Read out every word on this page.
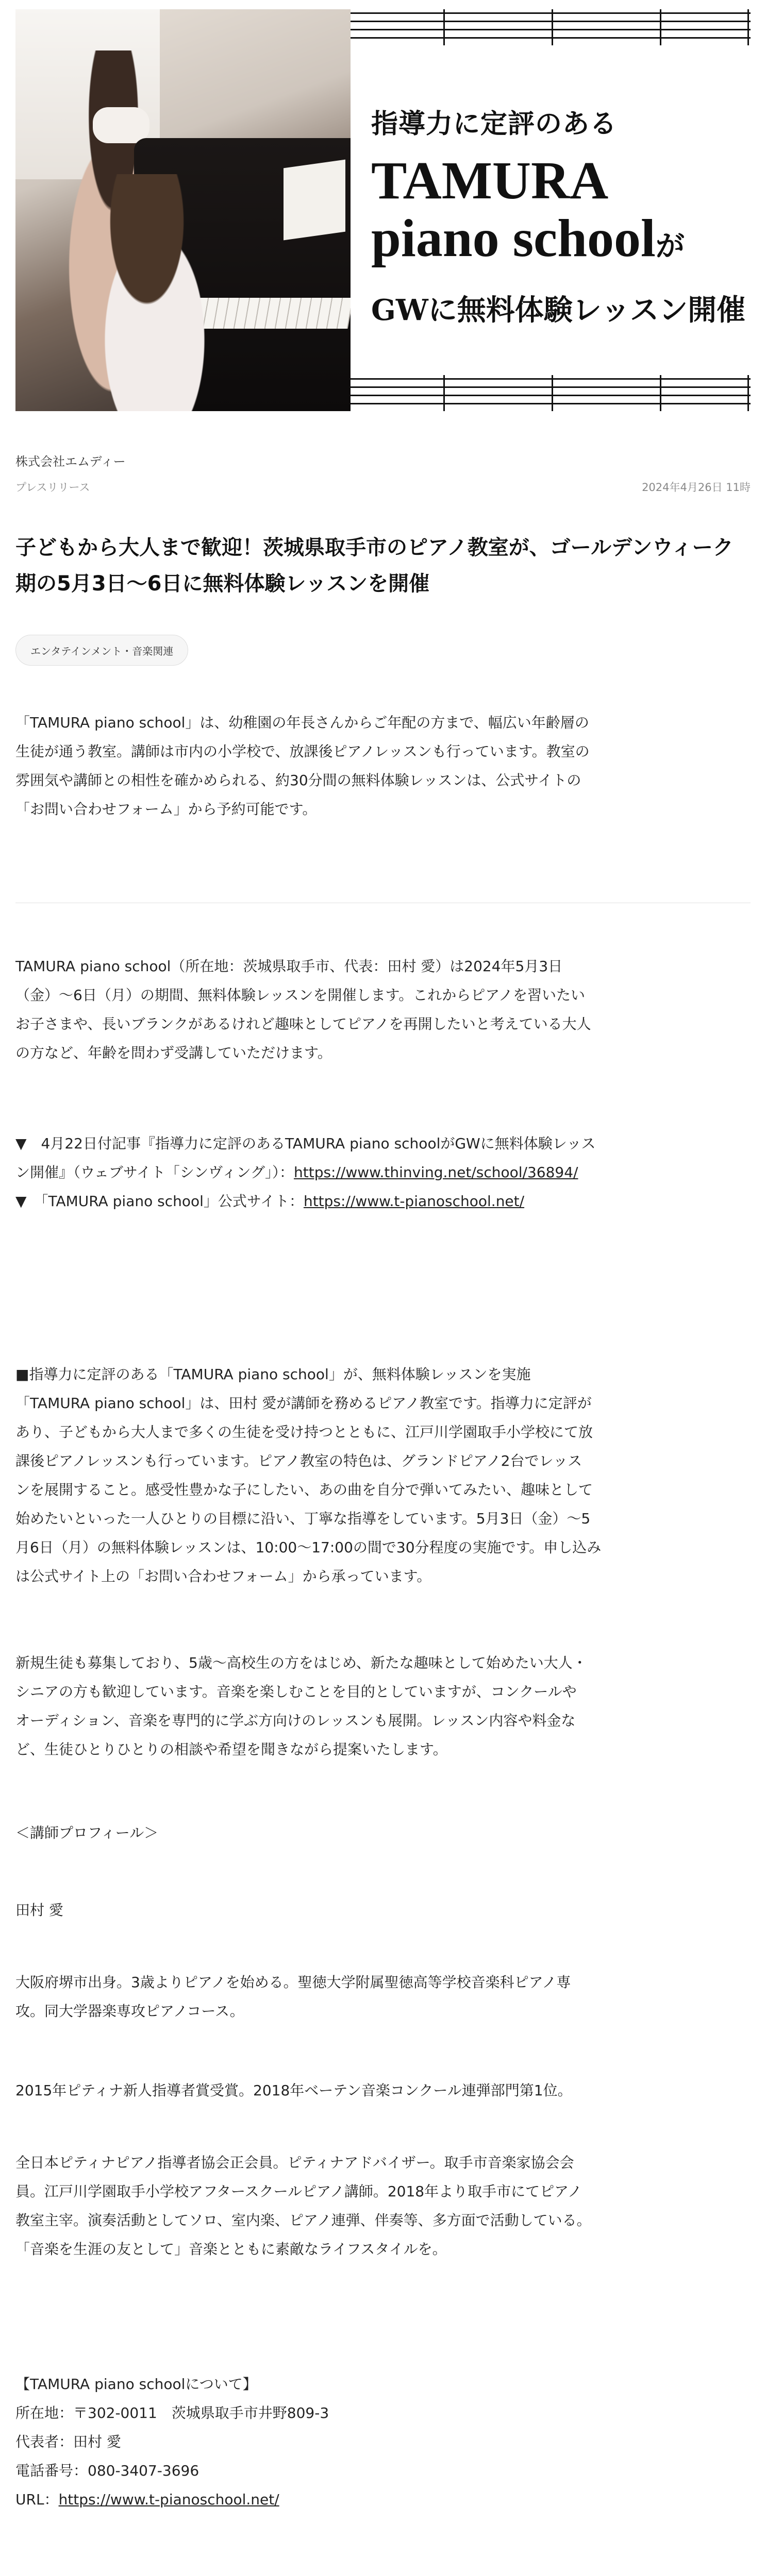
指導力に定評のある
TAMURA
piano schoolが
GWに無料体験レッスン開催
株式会社エムディー
プレスリリース	2024年4月26日 11時
子どもから大人まで歓迎！茨城県取手市のピアノ教室が、ゴールデンウィーク期の5月3日〜6日に無料体験レッスンを開催
エンタテインメント・音楽関連
「TAMURA piano school」は、幼稚園の年長さんからご年配の方まで、幅広い年齢層の
生徒が通う教室。講師は市内の小学校で、放課後ピアノレッスンも行っています。教室の
雰囲気や講師との相性を確かめられる、約30分間の無料体験レッスンは、公式サイトの
「お問い合わせフォーム」から予約可能です。
TAMURA piano school（所在地：茨城県取手市、代表：田村 愛）は2024年5月3日
（金）〜6日（月）の期間、無料体験レッスンを開催します。これからピアノを習いたい
お子さまや、長いブランクがあるけれど趣味としてピアノを再開したいと考えている大人
の方など、年齢を問わず受講していただけます。
▼　4月22日付記事『指導力に定評のあるTAMURA piano schoolがGWに無料体験レッス
ン開催』（ウェブサイト「シンヴィング」）：https://www.thinving.net/school/36894/
▼　「TAMURA piano school」公式サイト：https://www.t-pianoschool.net/
■指導力に定評のある「TAMURA piano school」が、無料体験レッスンを実施
「TAMURA piano school」は、田村 愛が講師を務めるピアノ教室です。指導力に定評が
あり、子どもから大人まで多くの生徒を受け持つとともに、江戸川学園取手小学校にて放
課後ピアノレッスンも行っています。ピアノ教室の特色は、グランドピアノ2台でレッス
ンを展開すること。感受性豊かな子にしたい、あの曲を自分で弾いてみたい、趣味として
始めたいといった一人ひとりの目標に沿い、丁寧な指導をしています。5月3日（金）〜5
月6日（月）の無料体験レッスンは、10:00〜17:00の間で30分程度の実施です。申し込み
は公式サイト上の「お問い合わせフォーム」から承っています。
新規生徒も募集しており、5歳〜高校生の方をはじめ、新たな趣味として始めたい大人・
シニアの方も歓迎しています。音楽を楽しむことを目的としていますが、コンクールや
オーディション、音楽を専門的に学ぶ方向けのレッスンも展開。レッスン内容や料金な
ど、生徒ひとりひとりの相談や希望を聞きながら提案いたします。
＜講師プロフィール＞
田村 愛
大阪府堺市出身。3歳よりピアノを始める。聖徳大学附属聖徳高等学校音楽科ピアノ専
攻。同大学器楽専攻ピアノコース。
2015年ピティナ新人指導者賞受賞。2018年ベーテン音楽コンクール連弾部門第1位。
全日本ピティナピアノ指導者協会正会員。ピティナアドバイザー。取手市音楽家協会会
員。江戸川学園取手小学校アフタースクールピアノ講師。2018年より取手市にてピアノ
教室主宰。演奏活動としてソロ、室内楽、ピアノ連弾、伴奏等、多方面で活動している。
「音楽を生涯の友として」音楽とともに素敵なライフスタイルを。
【TAMURA piano schoolについて】
所在地：〒302-0011　茨城県取手市井野809-3
代表者：田村 愛
電話番号：080-3407-3696
URL：https://www.t-pianoschool.net/
